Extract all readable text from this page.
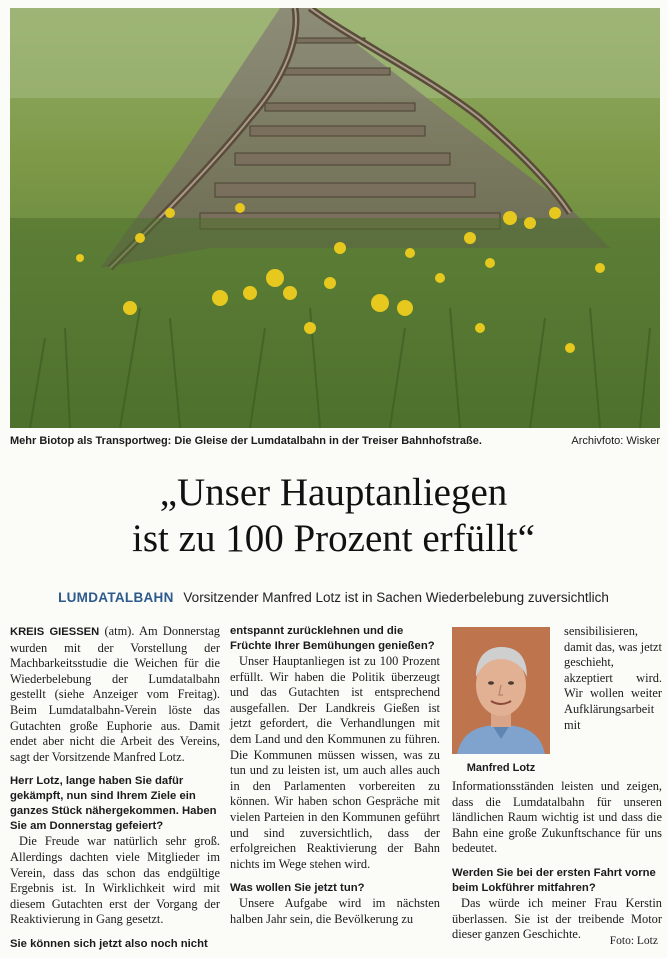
Mehr Biotop als Transportweg: Die Gleise der Lumdatalbahn in der Treiser Bahnhofstraße.	Archivfoto: Wisker
„Unser Hauptanliegen
ist zu 100 Prozent erfüllt“
LUMDATALBAHN Vorsitzender Manfred Lotz ist in Sachen Wiederbelebung zuversichtlich

KREIS GIESSEN (atm). Am Donnerstag wurden mit der Vorstellung der Machbarkeitsstudie die Weichen für die Wiederbelebung der Lumdatalbahn gestellt (siehe Anzeiger vom Freitag). Beim Lumdatalbahn-Verein löste das Gutachten große Euphorie aus. Damit endet aber nicht die Arbeit des Vereins, sagt der Vorsitzende Manfred Lotz.

Herr Lotz, lange haben Sie dafür gekämpft, nun sind Ihrem Ziele ein ganzes Stück nähergekommen. Haben Sie am Donnerstag gefeiert?

Die Freude war natürlich sehr groß. Allerdings dachten viele Mitglieder im Verein, dass das schon das endgültige Ergebnis ist. In Wirklichkeit wird mit diesem Gutachten erst der Vorgang der Reaktivierung in Gang gesetzt.

Sie können sich jetzt also noch nicht

entspannt zurücklehnen und die Früchte Ihrer Bemühungen genießen?

Unser Hauptanliegen ist zu 100 Prozent erfüllt. Wir haben die Politik überzeugt und das Gutachten ist entsprechend ausgefallen. Der Landkreis Gießen ist jetzt gefordert, die Verhandlungen mit dem Land und den Kommunen zu führen. Die Kommunen müssen wissen, was zu tun und zu leisten ist, um auch alles auch in den Parlamenten vorbereiten zu können. Wir haben schon Gespräche mit vielen Parteien in den Kommunen geführt und sind zuversichtlich, dass der erfolgreichen Reaktivierung der Bahn nichts im Wege stehen wird.

Was wollen Sie jetzt tun?

Unsere Aufgabe wird im nächsten halben Jahr sein, die Bevölkerung zu

Manfred Lotz

sensibilisieren, damit das, was jetzt geschieht, akzeptiert wird. Wir wollen weiter Aufklärungsarbeit mit Informationsständen leisten und zeigen, dass die Lumdatalbahn für unseren ländlichen Raum wichtig ist und dass die Bahn eine große Zukunftschance für uns bedeutet.

Werden Sie bei der ersten Fahrt vorne beim Lokführer mitfahren?

Das würde ich meiner Frau Kerstin überlassen. Sie ist der treibende Motor dieser ganzen Geschichte.	Foto: Lotz
